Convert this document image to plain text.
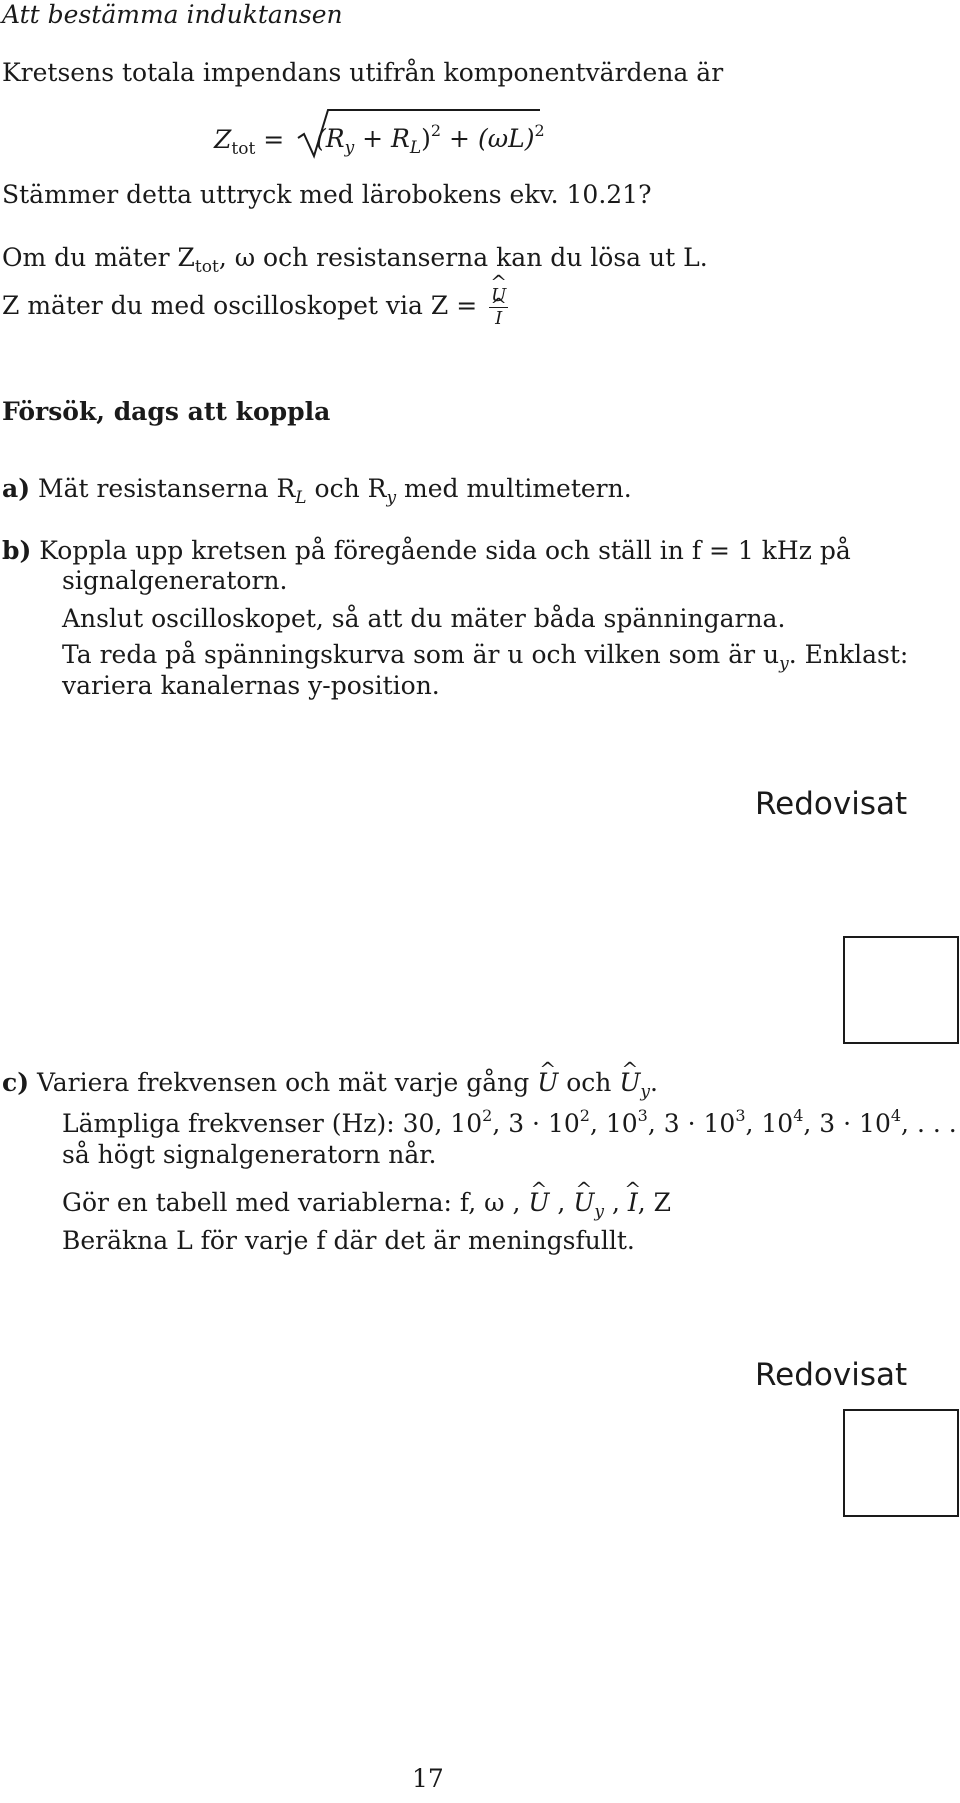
Att bestämma induktansen
Kretsens totala impendans utifrån komponentvärdena är
$Z_{tot} = (R_y + R_L)^2 + (\omega L)^2$
Stämmer detta uttryck med lärobokens ekv. 10.21?
Om du mäter $Z_{tot}$, ω och resistanserna kan du lösa ut L.
Z mäter du med oscilloskopet via Z =
^ U
^ I
Försök, dags att koppla
a) Mät resistanserna $R_L$ och $R_y$ med multimetern.
b) Koppla upp kretsen på föregående sida och ställ in f = 1 kHz på
signalgeneratorn.
Anslut oscilloskopet, så att du mäter båda spänningarna.
Ta reda på spänningskurva som är u och vilken som är $u_y$. Enklast:
variera kanalernas y-position.
Redovisat
c) Variera frekvensen och mät varje gång ^ U och ^ $U_y$.
Lämpliga frekvenser (Hz): 30, $10^2$, $3 \cdot 10^2$, $10^3$, $3 \cdot 10^3$, $10^4$, $3 \cdot 10^4$, . . .
så högt signalgeneratorn når.
Gör en tabell med variablerna: f, ω , ^ U , ^ $U_y$ , ^ I, Z
Beräkna L för varje f där det är meningsfullt.
Redovisat
17
